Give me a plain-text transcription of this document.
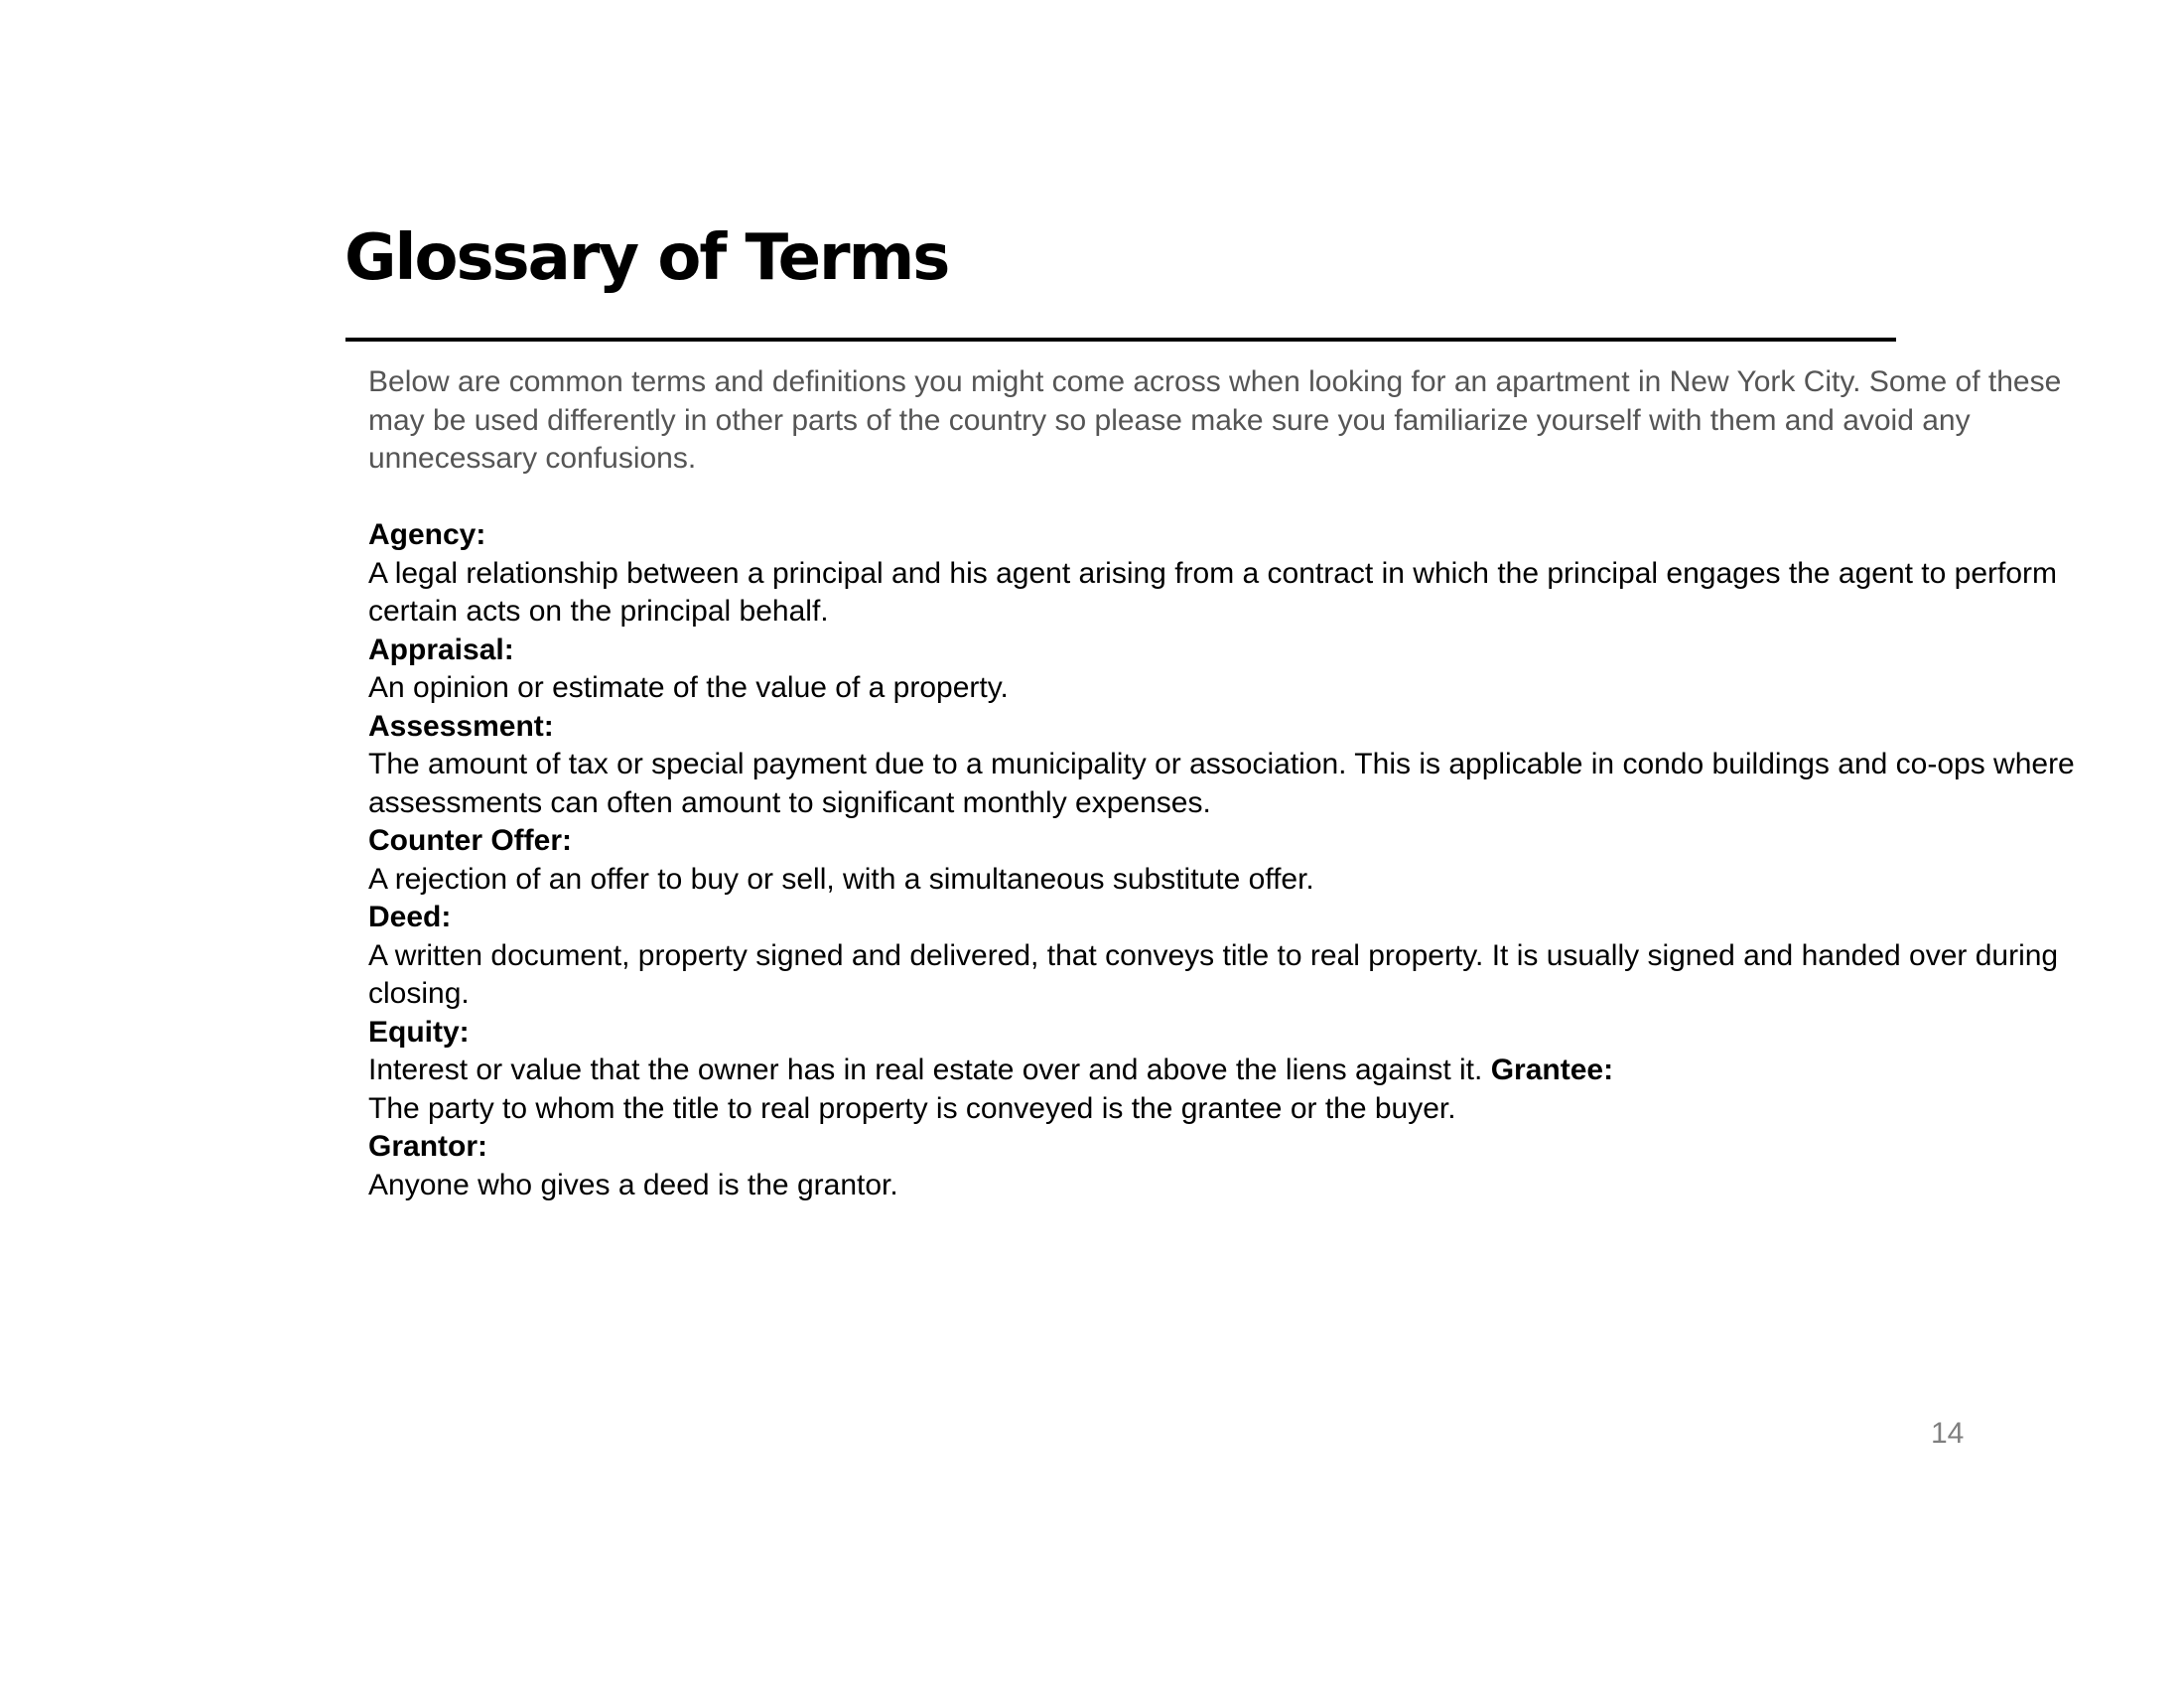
Glossary of Terms

Below are common terms and definitions you might come across when looking for an apartment in New York City. Some of these may be used differently in other parts of the country so please make sure you familiarize yourself with them and avoid any unnecessary confusions.

Agency:
A legal relationship between a principal and his agent arising from a contract in which the principal engages the agent to perform certain acts on the principal behalf.
Appraisal:
An opinion or estimate of the value of a property.
Assessment:
The amount of tax or special payment due to a municipality or association. This is applicable in condo buildings and co-ops where assessments can often amount to significant monthly expenses.
Counter Offer:
A rejection of an offer to buy or sell, with a simultaneous substitute offer.
Deed:
A written document, property signed and delivered, that conveys title to real property. It is usually signed and handed over during closing.
Equity:
Interest or value that the owner has in real estate over and above the liens against it. Grantee:
The party to whom the title to real property is conveyed is the grantee or the buyer.
Grantor:
Anyone who gives a deed is the grantor.
14
